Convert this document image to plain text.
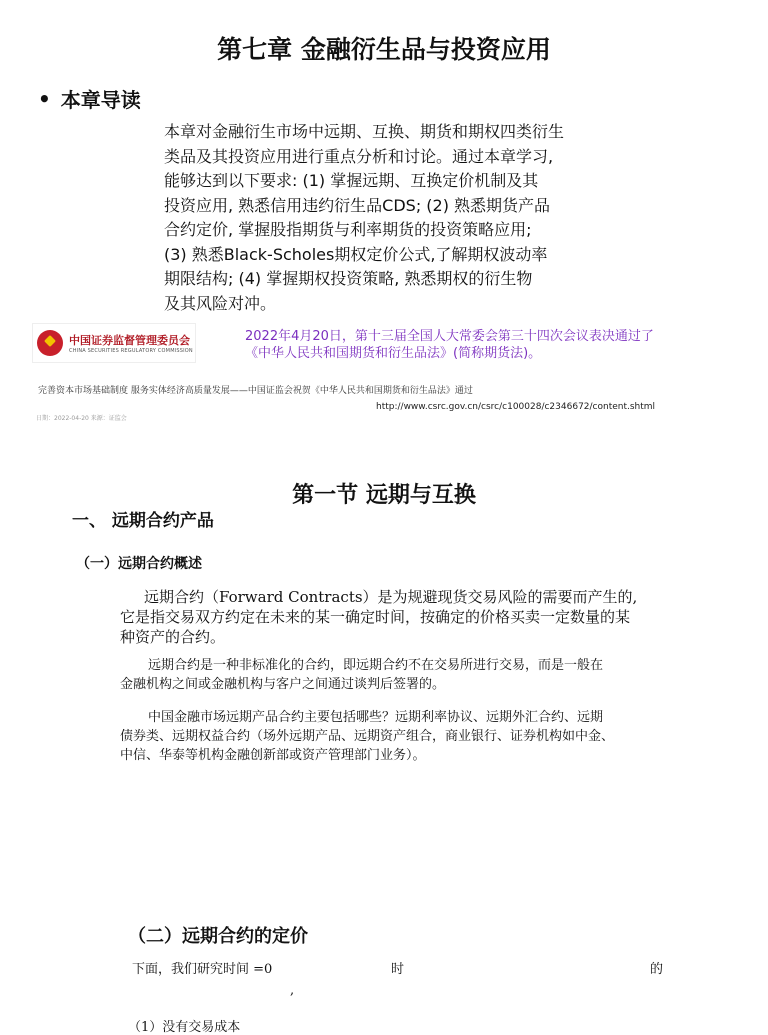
第七章 金融衍生品与投资应用
• 本章导读

本章对金融衍生市场中远期、互换、期货和期权四类衍生

类品及其投资应用进行重点分析和讨论。通过本章学习,

能够达到以下要求: (1) 掌握远期、互换定价机制及其

投资应用, 熟悉信用违约衍生品CDS; (2) 熟悉期货产品

合约定价, 掌握股指期货与利率期货的投资策略应用;

(3) 熟悉Black-Scholes期权定价公式,了解期权波动率

期限结构; (4) 掌握期权投资策略, 熟悉期权的衍生物

及其风险对冲。

中国证券监督管理委员会
CHINA SECURITIES REGULATORY COMMISSION

2022年4月20日，第十三届全国人大常委会第三十四次会议表决通过了

《中华人民共和国期货和衍生品法》(简称期货法)。

完善资本市场基础制度 服务实体经济高质量发展——中国证监会祝贺《中华人民共和国期货和衍生品法》通过
http://www.csrc.gov.cn/csrc/c100028/c2346672/content.shtml
日期：2022-04-20 来源：证监会
第一节 远期与互换
一、 远期合约产品
（一）远期合约概述

远期合约（Forward Contracts）是为规避现货交易风险的需要而产生的,

它是指交易双方约定在未来的某一确定时间，按确定的价格买卖一定数量的某

种资产的合约。

远期合约是一种非标准化的合约，即远期合约不在交易所进行交易，而是一般在

金融机构之间或金融机构与客户之间通过谈判后签署的。

中国金融市场远期产品合约主要包括哪些？远期利率协议、远期外汇合约、远期

债券类、远期权益合约（场外远期产品、远期资产组合，商业银行、证券机构如中金、

中信、华泰等机构金融创新部或资产管理部门业务）。

（二）远期合约的定价
下面，我们研究时间 =0	时	的
,
（1）没有交易成本
